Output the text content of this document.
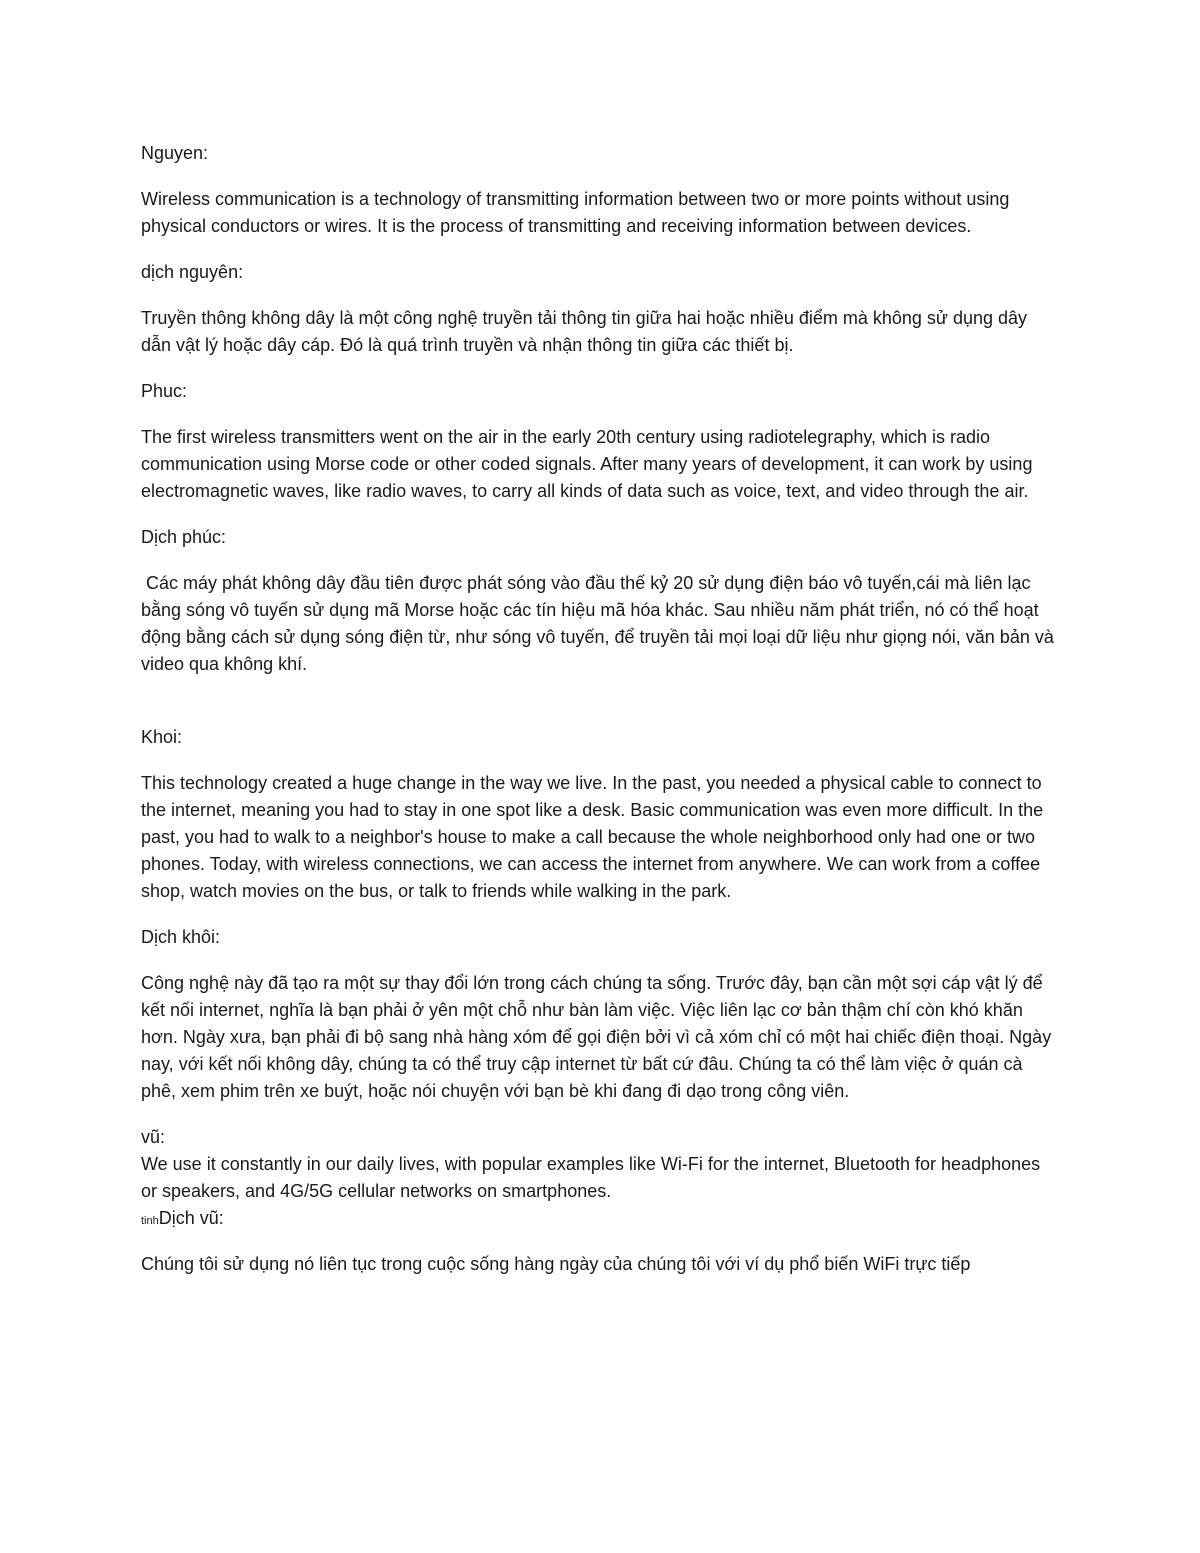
Nguyen:

Wireless communication is a technology of transmitting information between two or more points without using physical conductors or wires. It is the process of transmitting and receiving information between devices.

dịch nguyên:

Truyền thông không dây là một công nghệ truyền tải thông tin giữa hai hoặc nhiều điểm mà không sử dụng dây dẫn vật lý hoặc dây cáp. Đó là quá trình truyền và nhận thông tin giữa các thiết bị.

Phuc:

The first wireless transmitters went on the air in the early 20th century using radiotelegraphy, which is radio communication using Morse code or other coded signals. After many years of development, it can work by using electromagnetic waves, like radio waves, to carry all kinds of data such as voice, text, and video through the air.

Dịch phúc:

Các máy phát không dây đầu tiên được phát sóng vào đầu thế kỷ 20 sử dụng điện báo vô tuyến,cái mà liên lạc bằng sóng vô tuyến sử dụng mã Morse hoặc các tín hiệu mã hóa khác. Sau nhiều năm phát triển, nó có thể hoạt động bằng cách sử dụng sóng điện từ, như sóng vô tuyến, để truyền tải mọi loại dữ liệu như giọng nói, văn bản và video qua không khí.

Khoi:

This technology created a huge change in the way we live. In the past, you needed a physical cable to connect to the internet, meaning you had to stay in one spot like a desk. Basic communication was even more difficult. In the past, you had to walk to a neighbor's house to make a call because the whole neighborhood only had one or two phones. Today, with wireless connections, we can access the internet from anywhere. We can work from a coffee shop, watch movies on the bus, or talk to friends while walking in the park.

Dịch khôi:

Công nghệ này đã tạo ra một sự thay đổi lớn trong cách chúng ta sống. Trước đây, bạn cần một sợi cáp vật lý để kết nối internet, nghĩa là bạn phải ở yên một chỗ như bàn làm việc. Việc liên lạc cơ bản thậm chí còn khó khăn hơn. Ngày xưa, bạn phải đi bộ sang nhà hàng xóm để gọi điện bởi vì cả xóm chỉ có một hai chiếc điện thoại. Ngày nay, với kết nối không dây, chúng ta có thể truy cập internet từ bất cứ đâu. Chúng ta có thể làm việc ở quán cà phê, xem phim trên xe buýt, hoặc nói chuyện với bạn bè khi đang đi dạo trong công viên.

vũ:

We use it constantly in our daily lives, with popular examples like Wi-Fi for the internet, Bluetooth for headphones or speakers, and 4G/5G cellular networks on smartphones.

tinhDịch vũ:

Chúng tôi sử dụng nó liên tục trong cuộc sống hàng ngày của chúng tôi với ví dụ phổ biến WiFi trực tiếp
